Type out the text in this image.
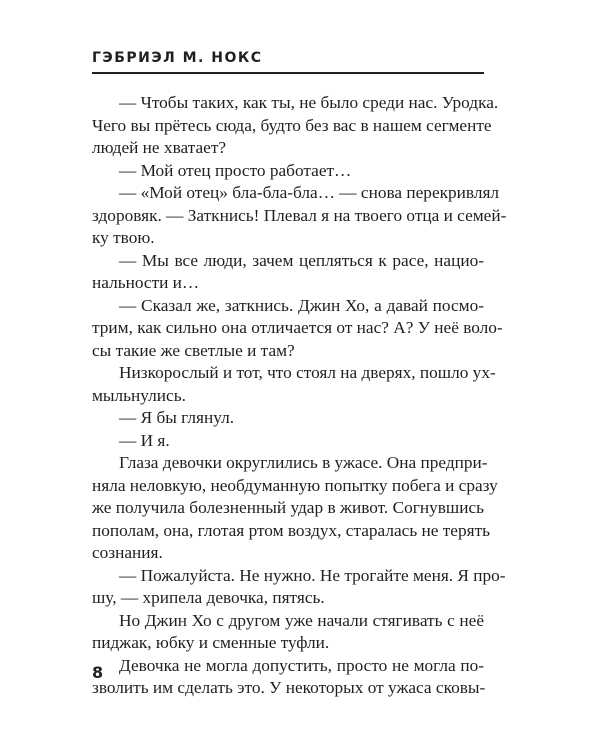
ГЭБРИЭЛ М. НОКС
— Чтобы таких, как ты, не было среди нас. Уродка.
Чего вы прётесь сюда, будто без вас в нашем сегменте
людей не хватает?
— Мой отец просто работает…
— «Мой отец» бла-бла-бла… — снова перекривлял
здоровяк. — Заткнись! Плевал я на твоего отца и семей-
ку твою.
— Мы все люди, зачем цепляться к расе, нацио-
нальности и…
— Сказал же, заткнись. Джин Хо, а давай посмо-
трим, как сильно она отличается от нас? А? У неё воло-
сы такие же светлые и там?
Низкорослый и тот, что стоял на дверях, пошло ух-
мыльнулись.
— Я бы глянул.
— И я.
Глаза девочки округлились в ужасе. Она предпри-
няла неловкую, необдуманную попытку побега и сразу
же получила болезненный удар в живот. Согнувшись
пополам, она, глотая ртом воздух, старалась не терять
сознания.
— Пожалуйста. Не нужно. Не трогайте меня. Я про-
шу, — хрипела девочка, пятясь.
Но Джин Хо с другом уже начали стягивать с неё
пиджак, юбку и сменные туфли.
Девочка не могла допустить, просто не могла по-
зволить им сделать это. У некоторых от ужаса сковы-
8
